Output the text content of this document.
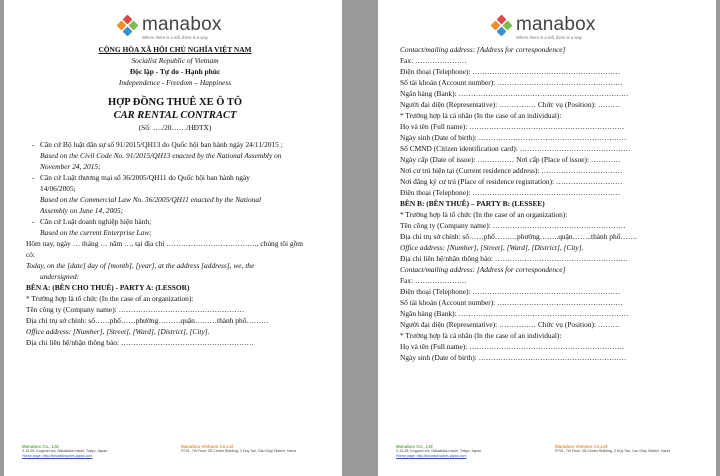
manabox
Where there is a will, there is a way
CỘNG HÒA XÃ HỘI CHỦ NGHĨA VIỆT NAM
Socialist Republic of Vietnam
Độc lập - Tự do - Hạnh phúc
Independence - Freedom – Happiness
HỢP ĐỒNG THUÊ XE Ô TÔ
CAR RENTAL CONTRACT
(Số: …./20……/HĐTX)
- Căn cứ Bộ luật dân sự số 91/2015/QH13 do Quốc hội ban hành ngày 24/11/2015 ;
Based on the Civil Code No. 91/2015/QH13 enacted by the National Assembly on
November 24, 2015;
- Căn cứ Luật thương mại số 36/2005/QH11 do Quốc hội ban hành ngày
14/06/2005;
Based on the Commercial Law No. 36/2005/QH11 enacted by the National
Assembly on June 14, 2005;
- Căn cứ Luật doanh nghiệp hiện hành;
Based on the current Enterprise Law;
Hôm nay, ngày … tháng … năm …, tại địa chỉ ………………………………., chúng tôi gồm
có:
Today, on the [date] day of [month], [year], at the address [address], we, the
undersigned:
BÊN A: (BÊN CHO THUÊ) - PARTY A: (LESSOR)
* Trường hợp là tổ chức (In the case of an organization):
Tên công ty (Company name): ……………………………………………
Địa chỉ trụ sở chính: số……phố……phường………quận………thành phố………
Office address: [Number], [Street], [Ward], [District], [City].
Địa chỉ liên hệ/nhận thông báo: ………………………………………………
Manabox Co., Ltd
3-15-28, Koganei-shi, Nakashita-machi, Tokyo, Japan
Home page: http://kovwitchsubes.japan.com
Manabox Vietnam Co.Ltd
R701, 7th Floor, 3D Center Building, 3 Duy Tan, Cau Giay District, Hanoi
manabox
Where there is a will, there is a way
Contact/mailing address: [Address for correspondence]
Fax: …………………
Điện thoại (Telephone): ……………………………………………………
Số tài khoản (Account number): ……………………………………………
Ngân hàng (Bank): ……………………………………………………………
Người đại diện (Representative): …………… Chức vụ (Position): ………
* Trường hợp là cá nhân (In the case of an individual):
Họ và tên (Full name): ………………………………………………………
Ngày sinh (Date of birth): ……………………………………………………
Số CMND (Citizen identification card): ………………………………………
Ngày cấp (Date of issue): …………… Nơi cấp (Place of issue): …………
Nơi cư trú hiện tại (Current residence address): ……………………………
Nơi đăng ký cư trú (Place of residence registration): ………………………
Điện thoại (Telephone): ……………………………………………………
BÊN B: (BÊN THUÊ) – PARTY B: (LESSEE)
* Trường hợp là tổ chức (In the case of an organization):
Tên công ty (Company name): ………………………………………………
Địa chỉ trụ sở chính: số……phố………phường……..quận……..thành phố…….
Office address: [Number], [Street], [Ward], [District], [City].
Địa chỉ liên hệ/nhận thông báo: ………………………………………………
Contact/mailing address: [Address for correspondence]
Fax: …………………
Điện thoại (Telephone): ……………………………………………………
Số tài khoản (Account number): ……………………………………………
Ngân hàng (Bank): ……………………………………………………………
Người đại diện (Representative): …………… Chức vụ (Position): ………
* Trường hợp là cá nhân (In the case of an individual):
Họ và tên (Full name): ………………………………………………………
Ngày sinh (Date of birth): ……………………………………………………
Manabox Co., Ltd
3-15-28, Koganei-shi, Nakashita-machi, Tokyo, Japan
Home page: http://kovwitchsubes.japan.com
Manabox Vietnam Co.Ltd
R701, 7th Floor, 3D Center Building, 3 Duy Tan, Cau Giay District, Hanoi
